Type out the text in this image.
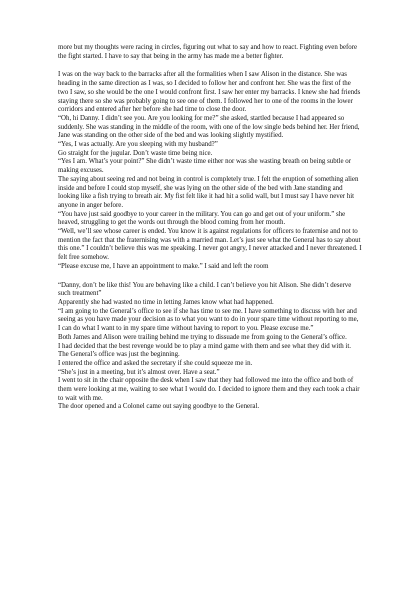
more but my thoughts were racing in circles, figuring out what to say and how to react. Fighting even before the fight started. I have to say that being in the army has made me a better fighter.

I was on the way back to the barracks after all the formalities when I saw Alison in the distance. She was heading in the same direction as I was, so I decided to follow her and confront her. She was the first of the two I saw, so she would be the one I would confront first. I saw her enter my barracks. I knew she had friends staying there so she was probably going to see one of them. I followed her to one of the rooms in the lower corridors and entered after her before she had time to close the door.

“Oh, hi Danny. I didn’t see you. Are you looking for me?” she asked, startled because I had appeared so suddenly. She was standing in the middle of the room, with one of the low single beds behind her. Her friend, Jane was standing on the other side of the bed and was looking slightly mystified.

“Yes, I was actually. Are you sleeping with my husband?”

Go straight for the jugular. Don’t waste time being nice.

“Yes I am. What’s your point?” She didn’t waste time either nor was she wasting breath on being subtle or making excuses.

The saying about seeing red and not being in control is completely true. I felt the eruption of something alien inside and before I could stop myself, she was lying on the other side of the bed with Jane standing and looking like a fish trying to breath air. My fist felt like it had hit a solid wall, but I must say I have never hit anyone in anger before.

“You have just said goodbye to your career in the military. You can go and get out of your uniform.” she heaved, struggling to get the words out through the blood coming from her mouth.

“Well, we’ll see whose career is ended. You know it is against regulations for officers to fraternise and not to mention the fact that the fraternising was with a married man. Let’s just see what the General has to say about this one.” I couldn’t believe this was me speaking. I never got angry, I never attacked and I never threatened. I felt free somehow.

“Please excuse me, I have an appointment to make.” I said and left the room

“Danny, don’t be like this! You are behaving like a child. I can’t believe you hit Alison. She didn’t deserve such treatment”

Apparently she had wasted no time in letting James know what had happened.

“I am going to the General’s office to see if she has time to see me. I have something to discuss with her and seeing as you have made your decision as to what you want to do in your spare time without reporting to me, I can do what I want to in my spare time without having to report to you. Please excuse me.”

Both James and Alison were trailing behind me trying to dissuade me from going to the General’s office.

I had decided that the best revenge would be to play a mind game with them and see what they did with it. The General’s office was just the beginning.

I entered the office and asked the secretary if she could squeeze me in.

“She’s just in a meeting, but it’s almost over. Have a seat.”

I went to sit in the chair opposite the desk when I saw that they had followed me into the office and both of them were looking at me, waiting to see what I would do. I decided to ignore them and they each took a chair to wait with me.

The door opened and a Colonel came out saying goodbye to the General.
